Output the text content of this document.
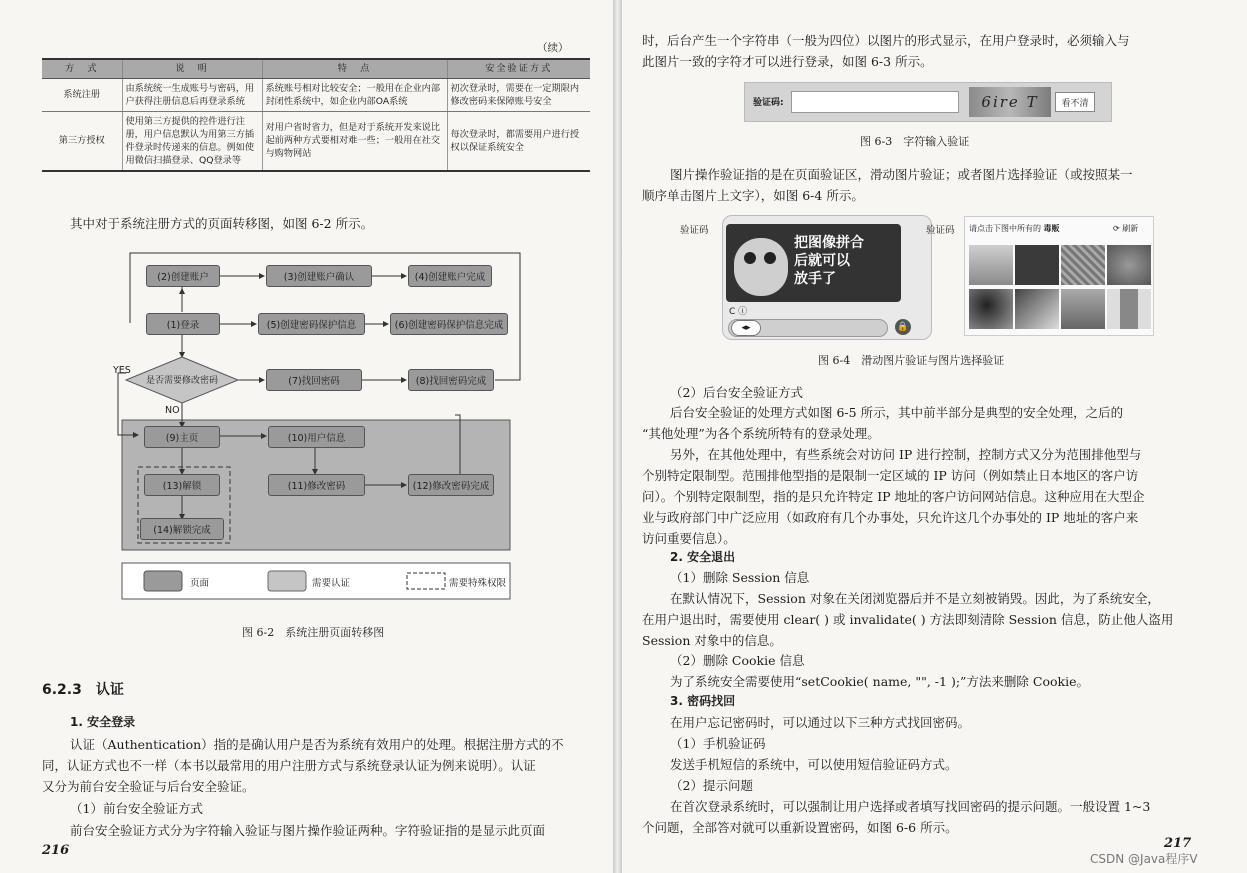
（续）
方　式	说　明	特　点	安全验证方式
系统注册	由系统统一生成账号与密码，用户获得注册信息后再登录系统	系统账号相对比较安全；一般用在企业内部封闭性系统中，如企业内部OA系统	初次登录时，需要在一定期限内修改密码来保障账号安全
第三方授权	使用第三方提供的控件进行注册，用户信息默认为用第三方插件登录时传递来的信息。例如使用微信扫描登录、QQ登录等	对用户省时省力，但是对于系统开发来说比起前两种方式要相对难一些；一般用在社交与购物网站	每次登录时，都需要用户进行授权以保证系统安全
其中对于系统注册方式的页面转移图，如图 6-2 所示。
(2)创建账户	(3)创建账户确认	(4)创建账户完成
(1)登录	(5)创建密码保护信息	(6)创建密码保护信息完成
是否需要修改密码
YES
NO
(7)找回密码	(8)找回密码完成
(9)主页	(10)用户信息
(13)解锁	(11)修改密码	(12)修改密码完成
(14)解锁完成
页面	需要认证	需要特殊权限
图 6-2　系统注册页面转移图
6.2.3　认证
1. 安全登录
认证（Authentication）指的是确认用户是否为系统有效用户的处理。根据注册方式的不
同，认证方式也不一样（本书以最常用的用户注册方式与系统登录认证为例来说明）。认证
又分为前台安全验证与后台安全验证。
（1）前台安全验证方式
前台安全验证方式分为字符输入验证与图片操作验证两种。字符验证指的是显示此页面
216
时，后台产生一个字符串（一般为四位）以图片的形式显示，在用户登录时，必须输入与
此图片一致的字符才可以进行登录，如图 6-3 所示。
验证码:	6ire T	看不清
图 6-3　字符输入验证
图片操作验证指的是在页面验证区，滑动图片验证；或者图片选择验证（或按照某一
顺序单击图片上文字），如图 6-4 所示。
验证码
把图像拼合
后就可以
放手了
C ⓘ
◂▸	🔒
验证码 请点击下图中所有的 毒贩	⟳ 刷新
图 6-4　滑动图片验证与图片选择验证
（2）后台安全验证方式
后台安全验证的处理方式如图 6-5 所示，其中前半部分是典型的安全处理，之后的
“其他处理”为各个系统所特有的登录处理。
另外，在其他处理中，有些系统会对访问 IP 进行控制，控制方式又分为范围排他型与
个别特定限制型。范围排他型指的是限制一定区域的 IP 访问（例如禁止日本地区的客户访
问）。个别特定限制型，指的是只允许特定 IP 地址的客户访问网站信息。这种应用在大型企
业与政府部门中广泛应用（如政府有几个办事处，只允许这几个办事处的 IP 地址的客户来
访问重要信息）。
2. 安全退出
（1）删除 Session 信息
在默认情况下，Session 对象在关闭浏览器后并不是立刻被销毁。因此，为了系统安全，
在用户退出时，需要使用 clear( ) 或 invalidate( ) 方法即刻清除 Session 信息，防止他人盗用
Session 对象中的信息。
（2）删除 Cookie 信息
为了系统安全需要使用“setCookie( name, "", -1 );”方法来删除 Cookie。
3. 密码找回
在用户忘记密码时，可以通过以下三种方式找回密码。
（1）手机验证码
发送手机短信的系统中，可以使用短信验证码方式。
（2）提示问题
在首次登录系统时，可以强制让用户选择或者填写找回密码的提示问题。一般设置 1~3
个问题，全部答对就可以重新设置密码，如图 6-6 所示。
217
CSDN @Java程序V
